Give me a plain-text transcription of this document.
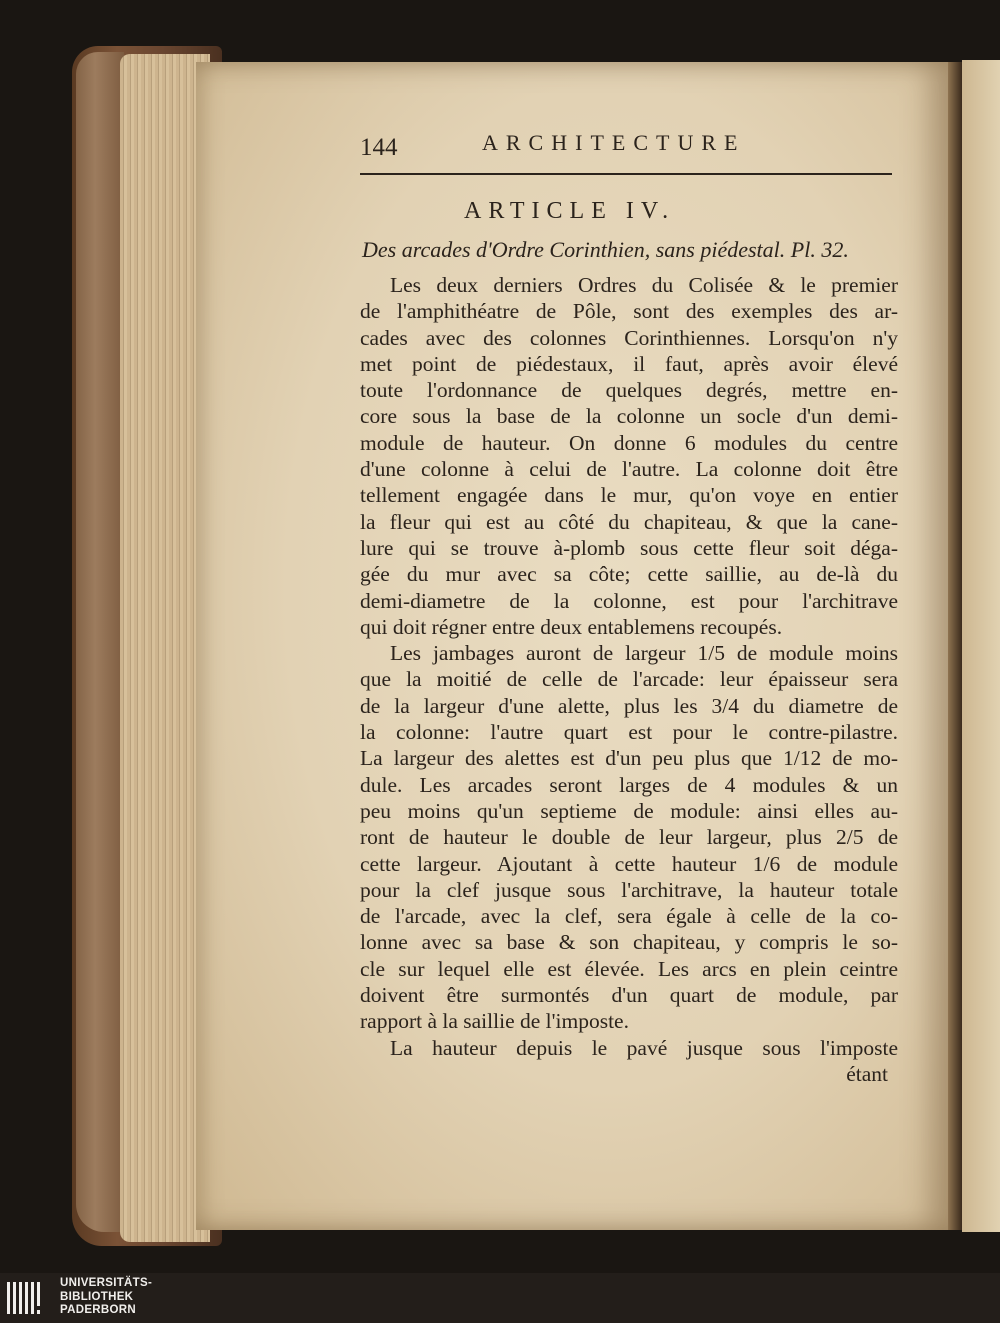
144	ARCHITECTURE
ARTICLE IV.
Des arcades d'Ordre Corinthien, sans piédestal. Pl. 32.
Les deux derniers Ordres du Colisée & le premier
de l'amphithéatre de Pôle, sont des exemples des ar-
cades avec des colonnes Corinthiennes. Lorsqu'on n'y
met point de piédestaux, il faut, après avoir élevé
toute l'ordonnance de quelques degrés, mettre en-
core sous la base de la colonne un socle d'un demi-
module de hauteur. On donne 6 modules du centre
d'une colonne à celui de l'autre. La colonne doit être
tellement engagée dans le mur, qu'on voye en entier
la fleur qui est au côté du chapiteau, & que la cane-
lure qui se trouve à-plomb sous cette fleur soit déga-
gée du mur avec sa côte; cette saillie, au de-là du
demi-diametre de la colonne, est pour l'architrave
qui doit régner entre deux entablemens recoupés.
Les jambages auront de largeur 1/5 de module moins
que la moitié de celle de l'arcade: leur épaisseur sera
de la largeur d'une alette, plus les 3/4 du diametre de
la colonne: l'autre quart est pour le contre-pilastre.
La largeur des alettes est d'un peu plus que 1/12 de mo-
dule. Les arcades seront larges de 4 modules & un
peu moins qu'un septieme de module: ainsi elles au-
ront de hauteur le double de leur largeur, plus 2/5 de
cette largeur. Ajoutant à cette hauteur 1/6 de module
pour la clef jusque sous l'architrave, la hauteur totale
de l'arcade, avec la clef, sera égale à celle de la co-
lonne avec sa base & son chapiteau, y compris le so-
cle sur lequel elle est élevée. Les arcs en plein ceintre
doivent être surmontés d'un quart de module, par
rapport à la saillie de l'imposte.
La hauteur depuis le pavé jusque sous l'imposte
étant
UNIVERSITÄTS-
BIBLIOTHEK
PADERBORN
